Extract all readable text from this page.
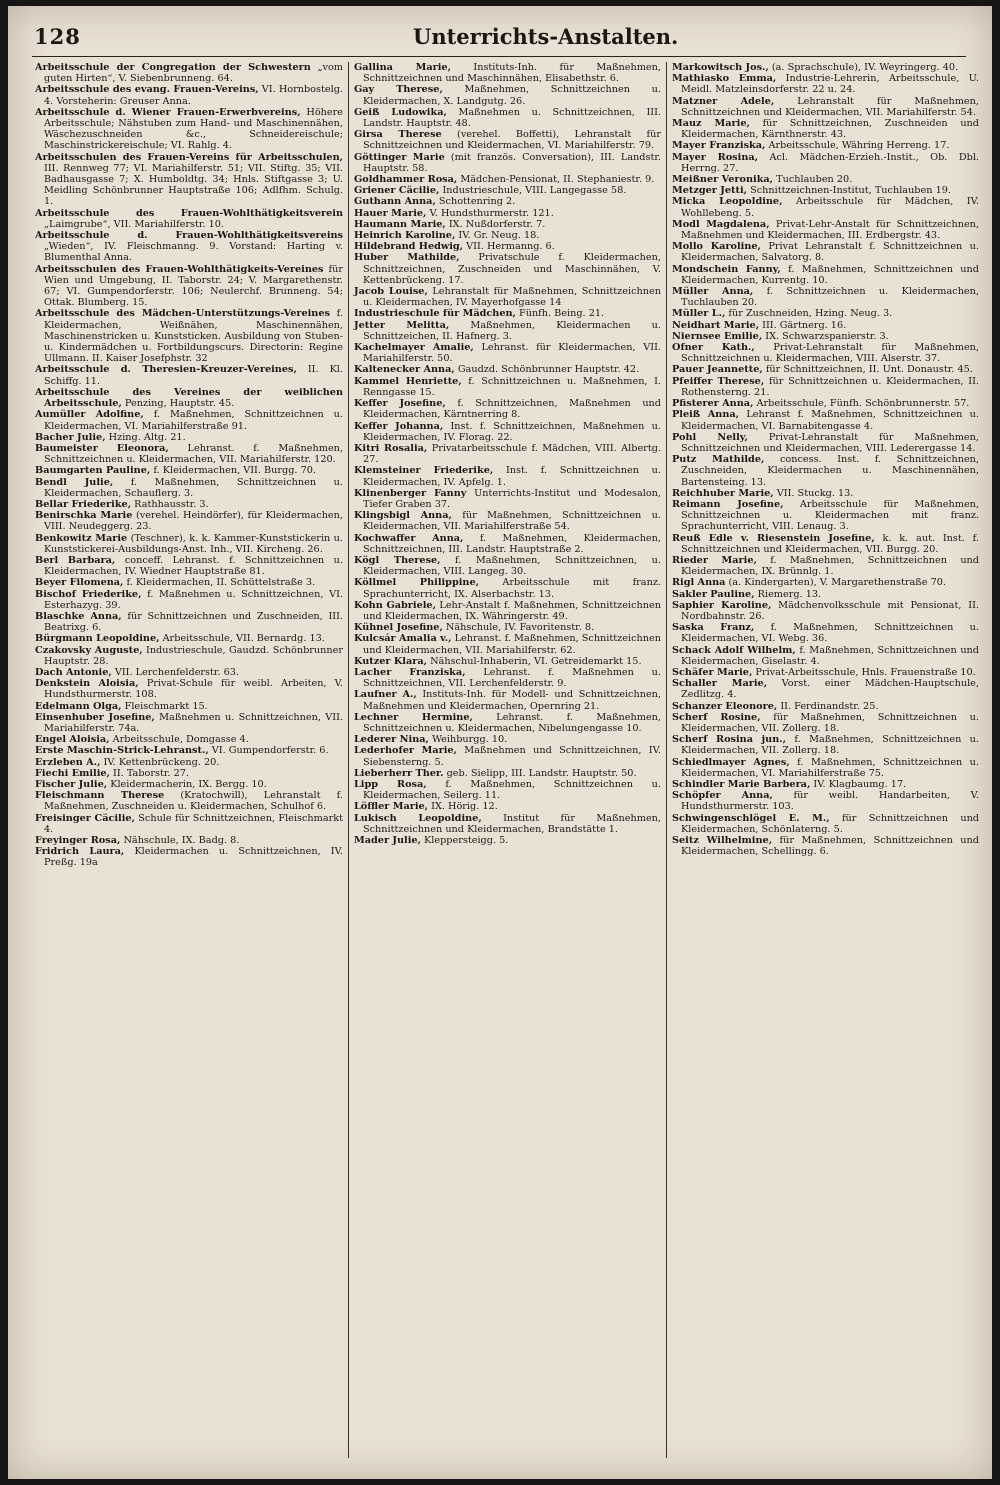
128	Unterrichts-Anstalten.

Arbeitsschule der Congregation der Schwestern „vom guten Hirten“, V. Siebenbrunneng. 64.

Arbeitsschule des evang. Frauen-Vereins, VI. Hornbostelg. 4. Vorsteherin: Greuser Anna.

Arbeitsschule d. Wiener Frauen-Erwerbvereins, Höhere Arbeitsschule; Nähstuben zum Hand- und Maschinennähen, Wäschezuschneiden &c., Schneidereischule; Maschinstrickereischule; VI. Rahlg. 4.

Arbeitsschulen des Frauen-Vereins für Arbeitsschulen, III. Rennweg 77; VI. Mariahilferstr. 51; VII. Stiftg. 35; VII. Badhausgasse 7; X. Humboldtg. 34; Hnls. Stiftgasse 3; U. Meidling Schönbrunner Hauptstraße 106; Adlfhm. Schulg. 1.

Arbeitsschule des Frauen-Wohlthätigkeitsverein „Laimgrube“, VII. Mariahilferstr. 10.

Arbeitsschule d. Frauen-Wohlthätigkeitsvereins „Wieden“, IV. Fleischmanng. 9. Vorstand: Harting v. Blumenthal Anna.

Arbeitsschulen des Frauen-Wohlthätigkeits-Vereines für Wien und Umgebung, II. Taborstr. 24; V. Margarethenstr. 67; VI. Gumpendorferstr. 106; Neulerchf. Brunneng. 54; Ottak. Blumberg. 15.

Arbeitsschule des Mädchen-Unterstützungs-Vereines f. Kleidermachen, Weißnähen, Maschinennähen, Maschinenstricken u. Kunststicken. Ausbildung von Stuben- u. Kindermädchen u. Fortbildungscurs. Directorin: Regine Ullmann. II. Kaiser Josefphstr. 32

Arbeitsschule d. Theresien-Kreuzer-Vereines, II. Kl. Schiffg. 11.

Arbeitsschule des Vereines der weiblichen Arbeitsschule, Penzing, Hauptstr. 45.

Aumüller Adolfine, f. Maßnehmen, Schnittzeichnen u. Kleidermachen, VI. Mariahilferstraße 91.

Bacher Julie, Hzing. Altg. 21.

Baumeister Eleonora, Lehranst. f. Maßnehmen, Schnittzeichnen u. Kleidermachen, VII. Mariahilferstr. 120.

Baumgarten Pauline, f. Kleidermachen, VII. Burgg. 70.

Bendl Julie, f. Maßnehmen, Schnittzeichnen u. Kleidermachen, Schauflerg. 3.

Bellar Friederike, Rathhausstr. 3.

Benirschka Marie (verehel. Heindörfer), für Kleidermachen, VIII. Neudeggerg. 23.

Benkowitz Marie (Teschner), k. k. Kammer-Kunststickerin u. Kunststickerei-Ausbildungs-Anst. Inh., VII. Kircheng. 26.

Berl Barbara, conceff. Lehranst. f. Schnittzeichnen u. Kleidermachen, IV. Wiedner Hauptstraße 81.

Beyer Filomena, f. Kleidermachen, II. Schüttelstraße 3.

Bischof Friederike, f. Maßnehmen u. Schnittzeichnen, VI. Esterhazyg. 39.

Blaschke Anna, für Schnittzeichnen und Zuschneiden, III. Beatrixg. 6.

Bürgmann Leopoldine, Arbeitsschule, VII. Bernardg. 13.

Czakovsky Auguste, Industrieschule, Gaudzd. Schönbrunner Hauptstr. 28.

Dach Antonie, VII. Lerchenfelderstr. 63.

Denkstein Aloisia, Privat-Schule für weibl. Arbeiten, V. Hundsthurmerstr. 108.

Edelmann Olga, Fleischmarkt 15.

Einsenhuber Josefine, Maßnehmen u. Schnittzeichnen, VII. Mariahilferstr. 74a.

Engel Aloisia, Arbeitsschule, Domgasse 4.

Erste Maschin-Strick-Lehranst., VI. Gumpendorferstr. 6.

Erzleben A., IV. Kettenbrückeng. 20.

Fiechi Emilie, II. Taborstr. 27.

Fischer Julie, Kleidermacherin, IX. Bergg. 10.

Fleischmann Therese (Kratochwill), Lehranstalt f. Maßnehmen, Zuschneiden u. Kleidermachen, Schulhof 6.

Freisinger Cäcilie, Schule für Schnittzeichnen, Fleischmarkt 4.

Freyinger Rosa, Nähschule, IX. Badg. 8.

Fridrich Laura, Kleidermachen u. Schnittzeichnen, IV. Preßg. 19a

Gallina Marie, Instituts-Inh. für Maßnehmen, Schnittzeichnen und Maschinnähen, Elisabethstr. 6.

Gay Therese, Maßnehmen, Schnittzeichnen u. Kleidermachen, X. Landgutg. 26.

Geiß Ludowika, Maßnehmen u. Schnittzeichnen, III. Landstr. Hauptstr. 48.

Girsa Therese (verehel. Boffetti), Lehranstalt für Schnittzeichnen und Kleidermachen, VI. Mariahilferstr. 79.

Göttinger Marie (mit französ. Conversation), III. Landstr. Hauptstr. 58.

Goldhammer Rosa, Mädchen-Pensionat, II. Stephaniestr. 9.

Griener Cäcilie, Industrieschule, VIII. Langegasse 58.

Guthann Anna, Schottenring 2.

Hauer Marie, V. Hundsthurmerstr. 121.

Haumann Marie, IX. Nußdorferstr. 7.

Heinrich Karoline, IV. Gr. Neug. 18.

Hildebrand Hedwig, VII. Hermanng. 6.

Huber Mathilde, Privatschule f. Kleidermachen, Schnittzeichnen, Zuschneiden und Maschinnähen, V. Kettenbrückeng. 17.

Jacob Louise, Lehranstalt für Maßnehmen, Schnittzeichnen u. Kleidermachen, IV. Mayerhofgasse 14

Industrieschule für Mädchen, Fünfh. Being. 21.

Jetter Melitta, Maßnehmen, Kleidermachen u. Schnittzeichen, II. Hafnerg. 3.

Kachelmayer Amalie, Lehranst. für Kleidermachen, VII. Mariahilferstr. 50.

Kaltenecker Anna, Gaudzd. Schönbrunner Hauptstr. 42.

Kammel Henriette, f. Schnittzeichnen u. Maßnehmen, I. Renngasse 15.

Keffer Josefine, f. Schnittzeichnen, Maßnehmen und Kleidermachen, Kärntnerring 8.

Keffer Johanna, Inst. f. Schnittzeichnen, Maßnehmen u. Kleidermachen, IV. Florag. 22.

Kitri Rosalia, Privatarbeitsschule f. Mädchen, VIII. Albertg. 27.

Klemsteiner Friederike, Inst. f. Schnittzeichnen u. Kleidermachen, IV. Apfelg. 1.

Klinenberger Fanny Unterrichts-Institut und Modesalon, Tiefer Graben 37.

Klingsbigl Anna, für Maßnehmen, Schnittzeichnen u. Kleidermachen, VII. Mariahilferstraße 54.

Kochwaffer Anna, f. Maßnehmen, Kleidermachen, Schnittzeichnen, III. Landstr. Hauptstraße 2.

Kögl Therese, f. Maßnehmen, Schnittzeichnen, u. Kleidermachen, VIII. Langeg. 30.

Köllmel Philippine, Arbeitsschule mit franz. Sprachunterricht, IX. Alserbachstr. 13.

Kohn Gabriele, Lehr-Anstalt f. Maßnehmen, Schnittzeichnen und Kleidermachen, IX. Währingerstr. 49.

Kühnel Josefine, Nähschule, IV. Favoritenstr. 8.

Kulcsár Amalia v., Lehranst. f. Maßnehmen, Schnittzeichnen und Kleidermachen, VII. Mariahilferstr. 62.

Kutzer Klara, Nähschul-Inhaberin, VI. Getreidemarkt 15.

Lacher Franziska, Lehranst. f. Maßnehmen u. Schnittzeichnen, VII. Lerchenfelderstr. 9.

Laufner A., Instituts-Inh. für Modell- und Schnittzeichnen, Maßnehmen und Kleidermachen, Opernring 21.

Lechner Hermine, Lehranst. f. Maßnehmen, Schnittzeichnen u. Kleidermachen, Nibelungengasse 10.

Lederer Nina, Weihburgg. 10.

Lederhofer Marie, Maßnehmen und Schnittzeichnen, IV. Siebensterng. 5.

Lieberherr Ther. geb. Sielipp, III. Landstr. Hauptstr. 50.

Lipp Rosa, f. Maßnehmen, Schnittzeichnen u. Kleidermachen, Seilerg. 11.

Löffler Marie, IX. Hörig. 12.

Lukisch Leopoldine, Institut für Maßnehmen, Schnittzeichnen und Kleidermachen, Brandstätte 1.

Mader Julie, Kleppersteigg. 5.

Markowitsch Jos., (a. Sprachschule), IV. Weyringerg. 40.

Mathiasko Emma, Industrie-Lehrerin, Arbeitsschule, U. Meidl. Matzleinsdorferstr. 22 u. 24.

Matzner Adele, Lehranstalt für Maßnehmen, Schnittzeichnen und Kleidermachen, VII. Mariahilferstr. 54.

Mauz Marie, für Schnittzeichnen, Zuschneiden und Kleidermachen, Kärnthnerstr. 43.

Mayer Franziska, Arbeitsschule, Währing Herreng. 17.

Mayer Rosina, Acl. Mädchen-Erzieh.-Instit., Ob. Dbl. Herrng. 27.

Meißner Veronika, Tuchlauben 20.

Metzger Jetti, Schnittzeichnen-Institut, Tuchlauben 19.

Micka Leopoldine, Arbeitsschule für Mädchen, IV. Wohllebeng. 5.

Modl Magdalena, Privat-Lehr-Anstalt für Schnittzeichnen, Maßnehmen und Kleidermachen, III. Erdbergstr. 43.

Mollo Karoline, Privat Lehranstalt f. Schnittzeichnen u. Kleidermachen, Salvatorg. 8.

Mondschein Fanny, f. Maßnehmen, Schnittzeichnen und Kleidermachen, Kurrentg. 10.

Müller Anna, f. Schnittzeichnen u. Kleidermachen, Tuchlauben 20.

Müller L., für Zuschneiden, Hzing. Neug. 3.

Neidhart Marie, III. Gärtnerg. 16.

Niernsee Emilie, IX. Schwarzspanierstr. 3.

Ofner Kath., Privat-Lehranstalt für Maßnehmen, Schnittzeichnen u. Kleidermachen, VIII. Alserstr. 37.

Pauer Jeannette, für Schnittzeichnen, II. Unt. Donaustr. 45.

Pfeiffer Therese, für Schnittzeichnen u. Kleidermachen, II. Rothensterng. 21.

Pfisterer Anna, Arbeitsschule, Fünfh. Schönbrunnerstr. 57.

Pleiß Anna, Lehranst f. Maßnehmen, Schnittzeichnen u. Kleidermachen, VI. Barnabitengasse 4.

Pohl Nelly, Privat-Lehranstalt für Maßnehmen, Schnittzeichnen und Kleidermachen, VIII. Lederergasse 14.

Putz Mathilde, concess. Inst. f. Schnittzeichnen, Zuschneiden, Kleidermachen u. Maschinennähen, Bartensteing. 13.

Reichhuber Marie, VII. Stuckg. 13.

Reimann Josefine, Arbeitsschule für Maßnehmen, Schnittzeichnen u. Kleidermachen mit franz. Sprachunterricht, VIII. Lenaug. 3.

Reuß Edle v. Riesenstein Josefine, k. k. aut. Inst. f. Schnittzeichnen und Kleidermachen, VII. Burgg. 20.

Rieder Marie, f. Maßnehmen, Schnittzeichnen und Kleidermachen, IX. Brünnlg. 1.

Rigl Anna (a. Kindergarten), V. Margarethenstraße 70.

Sakler Pauline, Riemerg. 13.

Saphier Karoline, Mädchenvolksschule mit Pensionat, II. Nordbahnstr. 26.

Saska Franz, f. Maßnehmen, Schnittzeichnen u. Kleidermachen, VI. Webg. 36.

Schack Adolf Wilhelm, f. Maßnehmen, Schnittzeichnen und Kleidermachen, Giselastr. 4.

Schäfer Marie, Privat-Arbeitsschule, Hnls. Frauenstraße 10.

Schaller Marie, Vorst. einer Mädchen-Hauptschule, Zedlitzg. 4.

Schanzer Eleonore, II. Ferdinandstr. 25.

Scherf Rosine, für Maßnehmen, Schnittzeichnen u. Kleidermachen, VII. Zollerg. 18.

Scherf Rosina jun., f. Maßnehmen, Schnittzeichnen u. Kleidermachen, VII. Zollerg. 18.

Schiedlmayer Agnes, f. Maßnehmen, Schnittzeichnen u. Kleidermachen, VI. Mariahilferstraße 75.

Schindler Marie Barbera, IV. Klagbaumg. 17.

Schöpfer Anna, für weibl. Handarbeiten, V. Hundsthurmerstr. 103.

Schwingenschlögel E. M., für Schnittzeichnen und Kleidermachen, Schönlaterng. 5.

Seitz Wilhelmine, für Maßnehmen, Schnittzeichnen und Kleidermachen, Schellingg. 6.
